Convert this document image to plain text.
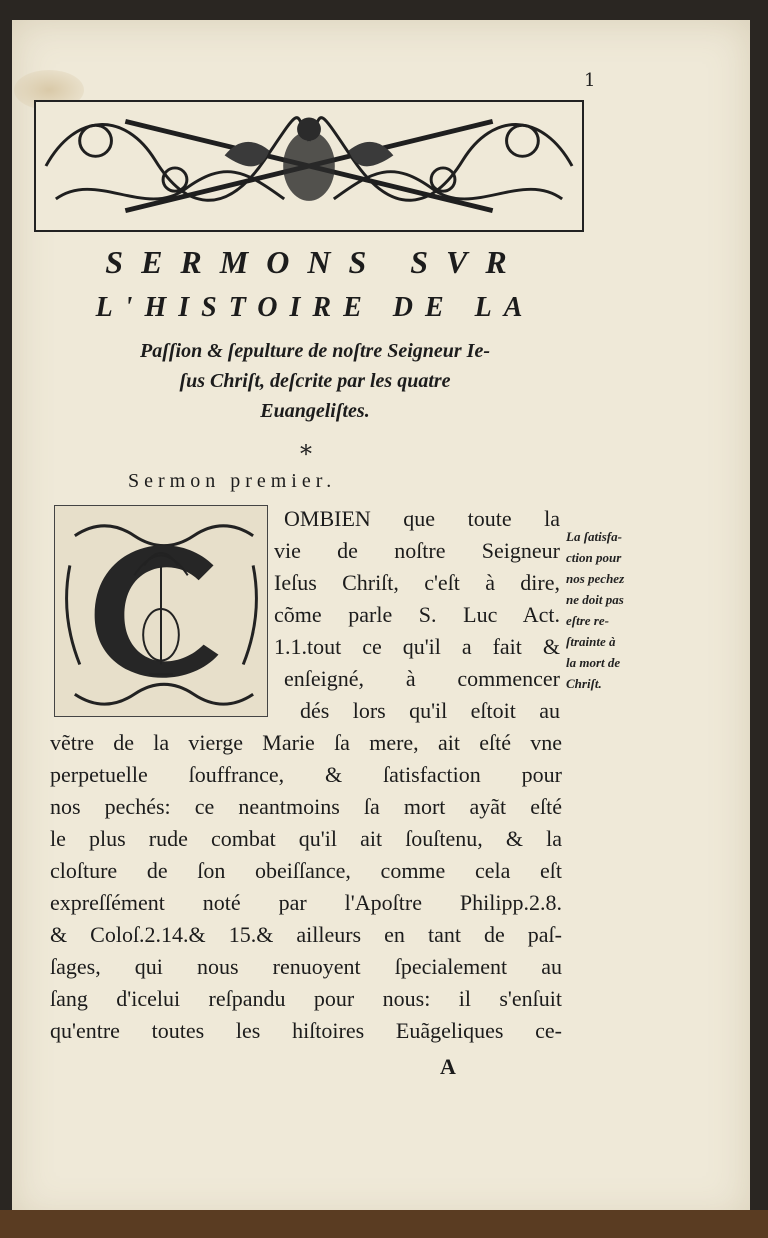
1
SERMONS SVR
L'HISTOIRE DE LA
Paſſion & ſepulture de noſtre Seigneur Ie-
ſus Chriſt, deſcrite par les quatre
Euangeliſtes.
*
Sermon premier.
OMBIEN que toute la
vie de noſtre Seigneur
Ieſus Chriſt, c'eſt à dire,
cõme parle S. Luc Act.
1.1.tout ce qu'il a fait &
enſeigné, à commencer
dés lors qu'il eſtoit au
vẽtre de la vierge Marie ſa mere, ait eſté vne
perpetuelle ſouffrance, & ſatisfaction pour
nos pechés: ce neantmoins ſa mort ayãt eſté
le plus rude combat qu'il ait ſouſtenu, & la
cloſture de ſon obeiſſance, comme cela eſt
expreſſément noté par l'Apoſtre Philipp.2.8.
& Coloſ.2.14.& 15.& ailleurs en tant de paſ-
ſages, qui nous renuoyent ſpecialement au
ſang d'icelui reſpandu pour nous: il s'enſuit
qu'entre toutes les hiſtoires Euãgeliques ce-
La ſatisfa-
ction pour
nos pechez
ne doit pas
eſtre re-
ſtrainte à
la mort de
Chriſt.
A
